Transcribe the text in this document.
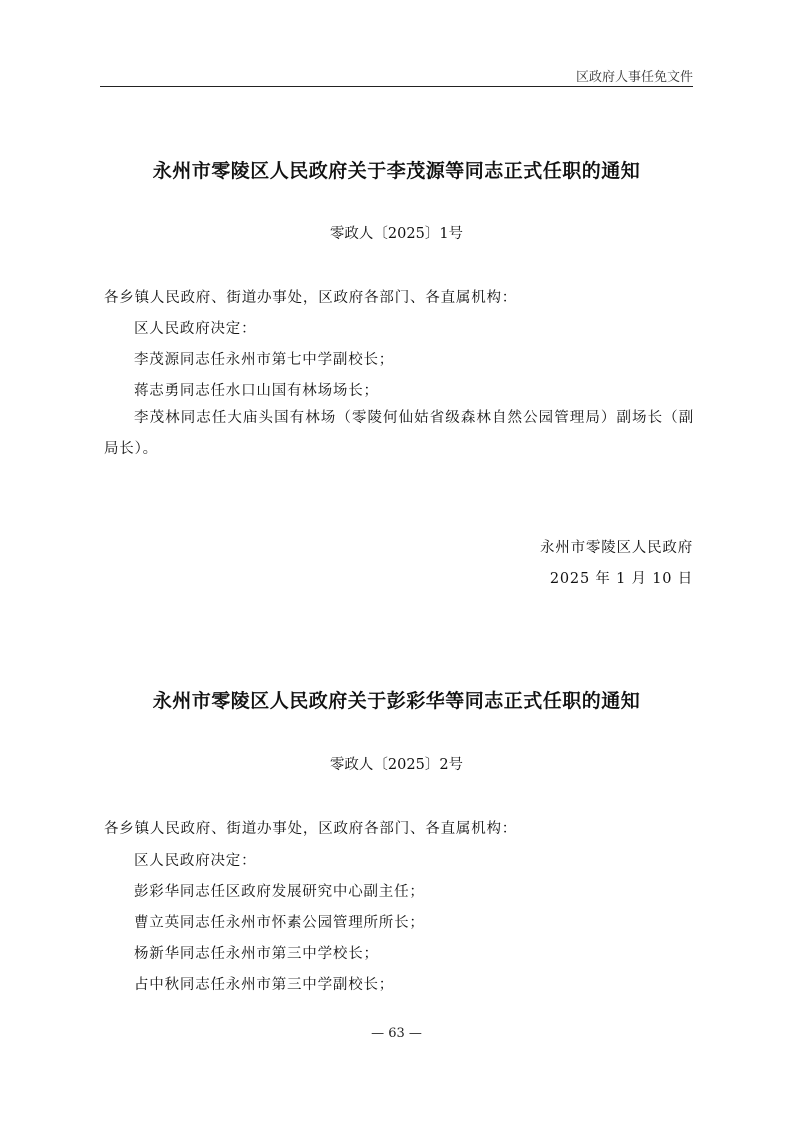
区政府人事任免文件
永州市零陵区人民政府关于李茂源等同志正式任职的通知
零政人〔2025〕1号
各乡镇人民政府、街道办事处，区政府各部门、各直属机构：
区人民政府决定：
李茂源同志任永州市第七中学副校长；
蒋志勇同志任水口山国有林场场长；
李茂林同志任大庙头国有林场（零陵何仙姑省级森林自然公园管理局）副场长（副局长）。
永州市零陵区人民政府
2025 年 1 月 10 日
永州市零陵区人民政府关于彭彩华等同志正式任职的通知
零政人〔2025〕2号
各乡镇人民政府、街道办事处，区政府各部门、各直属机构：
区人民政府决定：
彭彩华同志任区政府发展研究中心副主任；
曹立英同志任永州市怀素公园管理所所长；
杨新华同志任永州市第三中学校长；
占中秋同志任永州市第三中学副校长；
— 63 —
